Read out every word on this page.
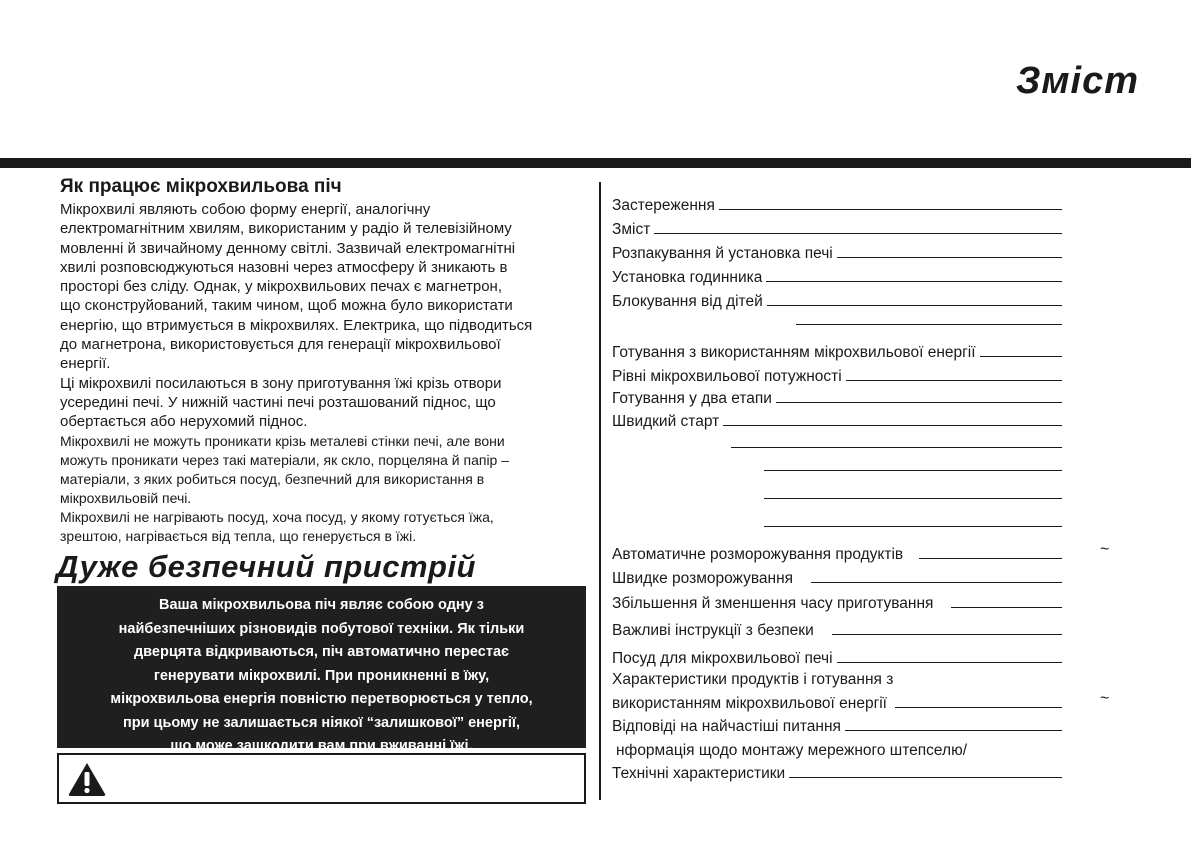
Зміст
Як працює мікрохвильова піч

Мікрохвилі являють собою форму енергії, аналогічну
електромагнітним хвилям, використаним у радіо й телевізійному
мовленні й звичайному денному світлі. Зазвичай електромагнітні
хвилі розповсюджуються назовні через атмосферу й зникають в
просторі без сліду. Однак, у мікрохвильових печах є магнетрон,
що сконструйований, таким чином, щоб можна було використати
енергію, що втримується в мікрохвилях. Електрика, що підводиться
до магнетрона, використовується для генерації мікрохвильової
енергії.

Ці мікрохвилі посилаються в зону приготування їжі крізь отвори
усередині печі. У нижній частині печі розташований піднос, що
обертається або нерухомий піднос.

Мікрохвилі не можуть проникати крізь металеві стінки печі, але вони
можуть проникати через такі матеріали, як скло, порцеляна й папір –
матеріали, з яких робиться посуд, безпечний для використання в
мікрохвильовій печі.

Мікрохвилі не нагрівають посуд, хоча посуд, у якому готується їжа,
зрештою, нагрівається від тепла, що генерується в їжі.

Дуже безпечний пристрій
Ваша мікрохвильова піч являє собою одну з
найбезпечніших різновидів побутової техніки. Як тільки
дверцята відкриваються, піч автоматично перестає
генерувати мікрохвилі. При проникненні в їжу,
мікрохвильова енергія повністю перетворюється у тепло,
при цьому не залишається ніякої “залишкової” енергії,
що може зашкодити вам при вживанні їжі.
Застереження
Зміст
Розпакування й установка печі
Установка годинника
Блокування від дітей
Готування з використанням мікрохвильової енергії
Рівні мікрохвильової потужності
Готування у два етапи
Швидкий старт
Автоматичне розморожування продуктів	~
Швидке розморожування
Збільшення й зменшення часу приготування
Важливі інструкції з безпеки
Посуд для мікрохвильової печі
Характеристики продуктів і готування з
використанням мікрохвильової енергії	~
Відповіді на найчастіші питання
нформація щодо монтажу мережного штепселю/
Технічні характеристики
